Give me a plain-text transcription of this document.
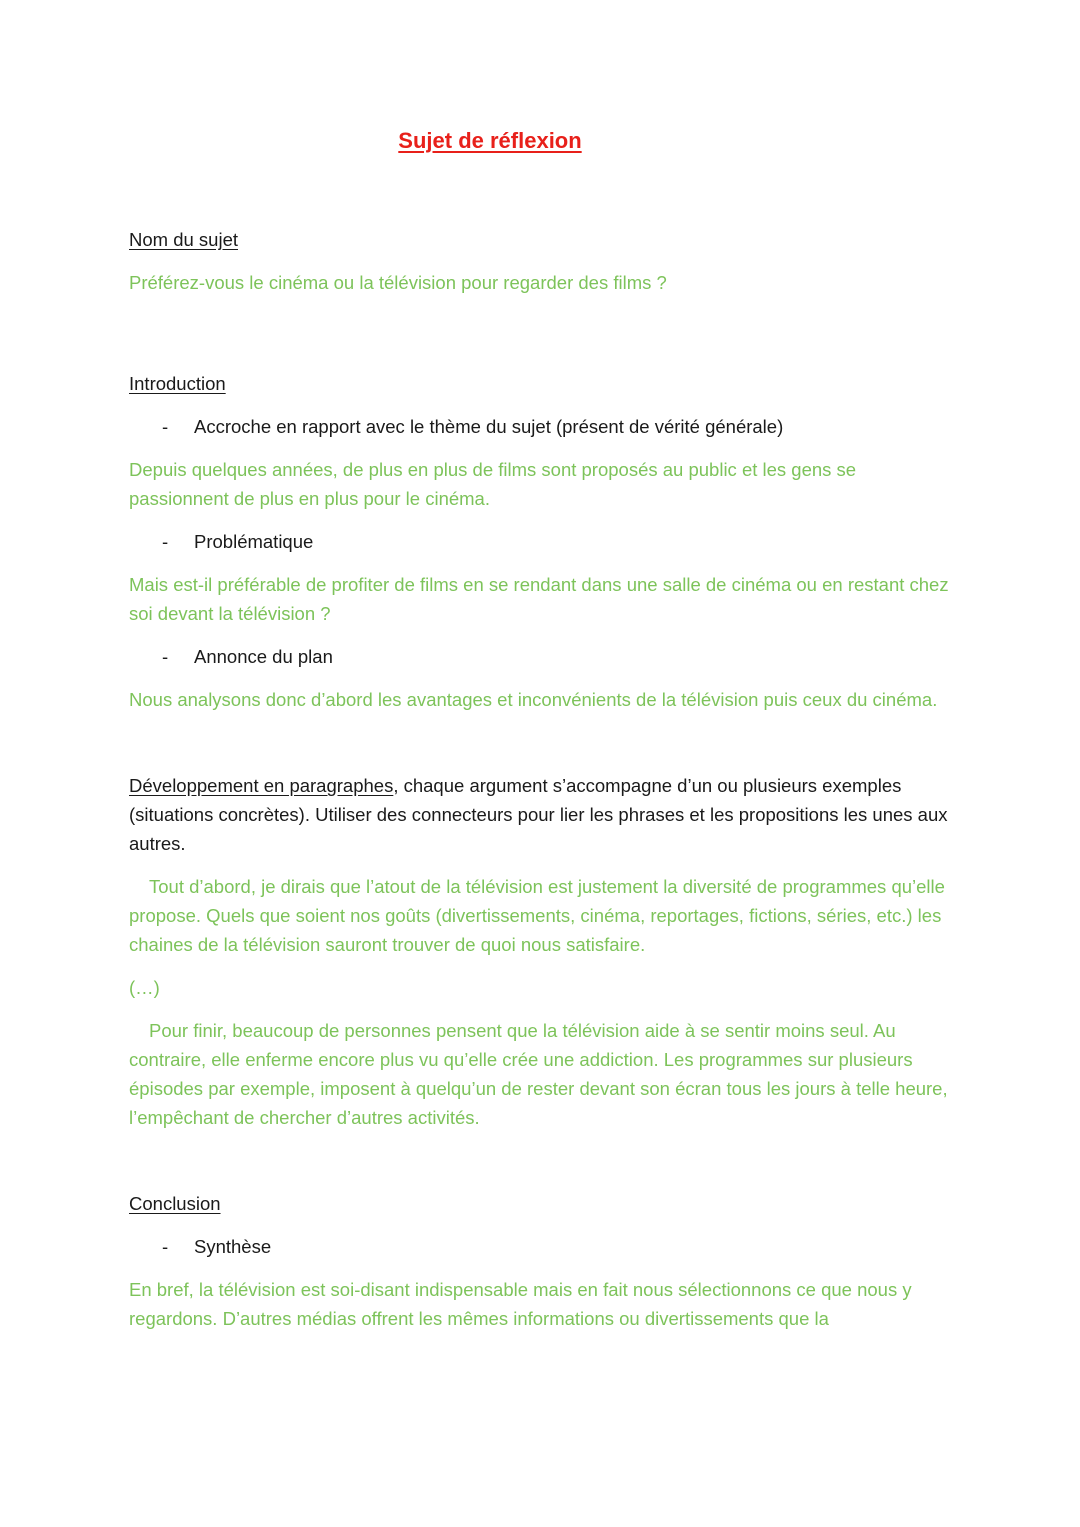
Sujet de réflexion

Nom du sujet

Préférez-vous le cinéma ou la télévision pour regarder des films ?

Introduction

- Accroche en rapport avec le thème du sujet (présent de vérité générale)

Depuis quelques années, de plus en plus de films sont proposés au public et les gens se passionnent de plus en plus pour le cinéma.

- Problématique

Mais est-il préférable de profiter de films en se rendant dans une salle de cinéma ou en restant chez soi devant la télévision ?

- Annonce du plan

Nous analysons donc d’abord les avantages et inconvénients de la télévision puis ceux du cinéma.

Développement en paragraphes, chaque argument s’accompagne d’un ou plusieurs exemples (situations concrètes). Utiliser des connecteurs pour lier les phrases et les propositions les unes aux autres.

Tout d’abord, je dirais que l’atout de la télévision est justement la diversité de programmes qu’elle propose. Quels que soient nos goûts (divertissements, cinéma, reportages, fictions, séries, etc.) les chaines de la télévision sauront trouver de quoi nous satisfaire.

(…)

Pour finir, beaucoup de personnes pensent que la télévision aide à se sentir moins seul. Au contraire, elle enferme encore plus vu qu’elle crée une addiction. Les programmes sur plusieurs épisodes par exemple, imposent à quelqu’un de rester devant son écran tous les jours à telle heure, l’empêchant de chercher d’autres activités.

Conclusion

- Synthèse

En bref, la télévision est soi-disant indispensable mais en fait nous sélectionnons ce que nous y regardons. D’autres médias offrent les mêmes informations ou divertissements que la
